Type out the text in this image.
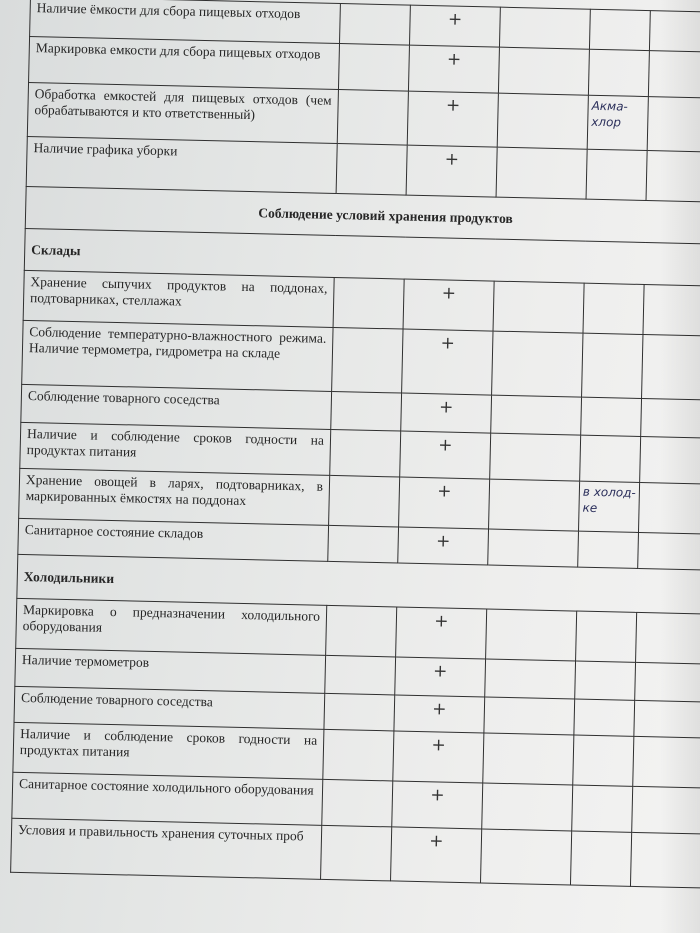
Наличие ёмкости для сбора пищевых отходов		+			
Маркировка емкости для сбора пищевых отходов		+			
Обработка емкостей для пищевых отходов (чем обрабатываются и кто ответственный)		+		Акма-хлор	
Наличие графика уборки		+			
Соблюдение условий хранения продуктов					
Склады					
Хранение сыпучих продуктов на поддонах, подтоварниках, стеллажах		+			
Соблюдение температурно-влажностного режима. Наличие термометра, гидрометра на складе		+			
Соблюдение товарного соседства		+			
Наличие и соблюдение сроков годности на продуктах питания		+			
Хранение овощей в ларях, подтоварниках, в маркированных ёмкостях на поддонах		+		в холод-ке	
Санитарное состояние складов		+			
Холодильники					
Маркировка о предназначении холодильного оборудования		+			
Наличие термометров		+			
Соблюдение товарного соседства		+			
Наличие и соблюдение сроков годности на продуктах питания		+			
Санитарное состояние холодильного оборудования		+			
Условия и правильность хранения суточных проб		+			
